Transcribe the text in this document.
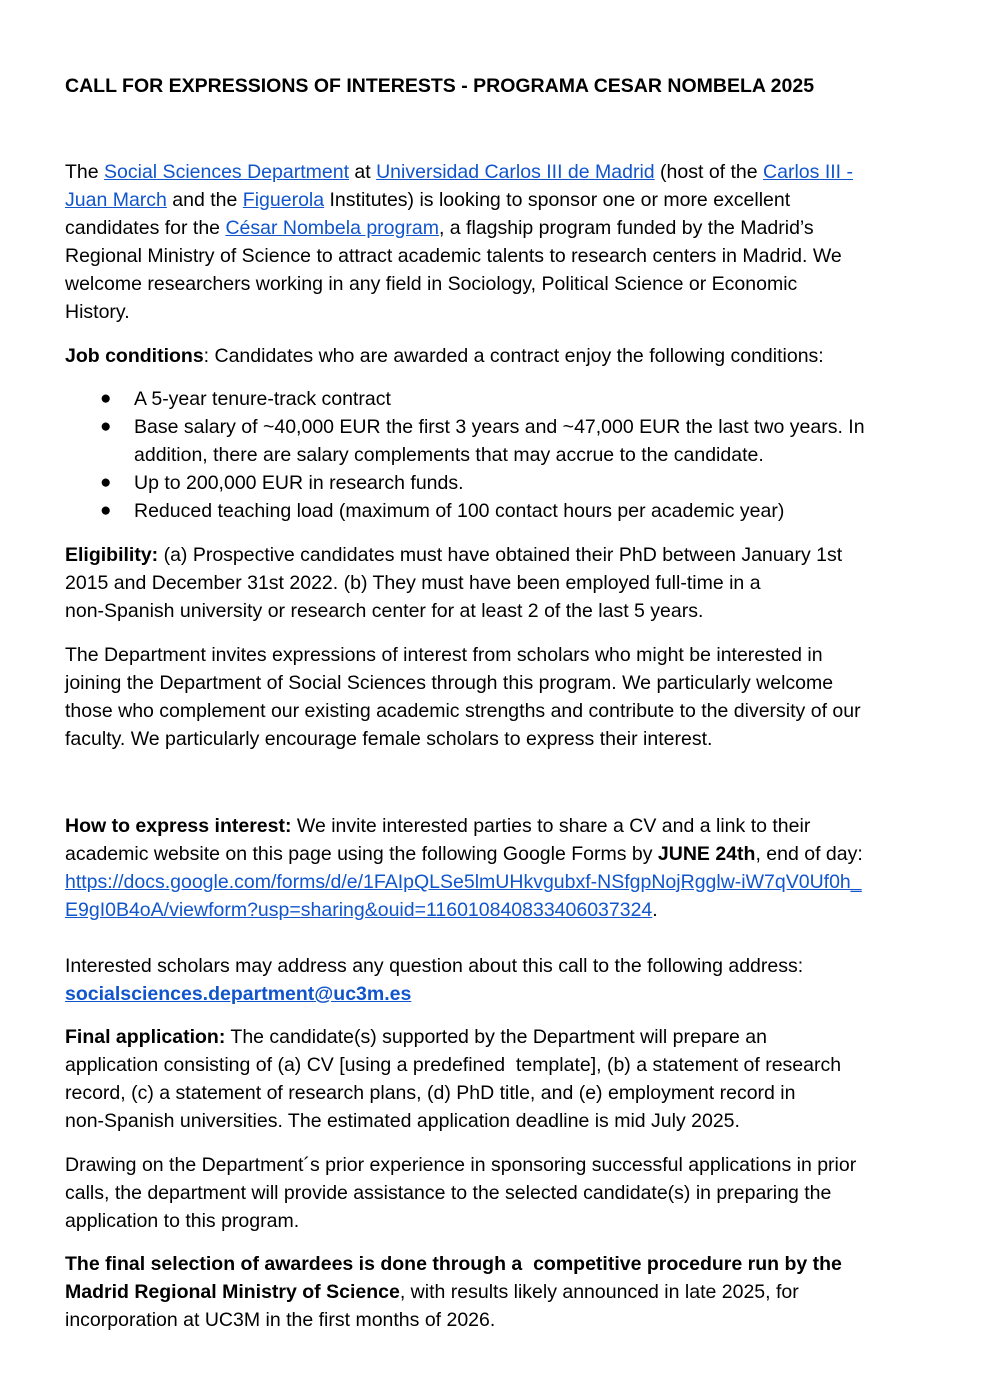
CALL FOR EXPRESSIONS OF INTERESTS - PROGRAMA CESAR NOMBELA 2025

The Social Sciences Department at Universidad Carlos III de Madrid (host of the Carlos III -

Juan March and the Figuerola Institutes) is looking to sponsor one or more excellent

candidates for the César Nombela program, a flagship program funded by the Madrid’s

Regional Ministry of Science to attract academic talents to research centers in Madrid. We

welcome researchers working in any field in Sociology, Political Science or Economic

History.

Job conditions: Candidates who are awarded a contract enjoy the following conditions:

● A 5-year tenure-track contract
● Base salary of ~40,000 EUR the first 3 years and ~47,000 EUR the last two years. In
addition, there are salary complements that may accrue to the candidate.
● Up to 200,000 EUR in research funds.
● Reduced teaching load (maximum of 100 contact hours per academic year)

Eligibility: (a) Prospective candidates must have obtained their PhD between January 1st

2015 and December 31st 2022. (b) They must have been employed full-time in a

non-Spanish university or research center for at least 2 of the last 5 years.

The Department invites expressions of interest from scholars who might be interested in

joining the Department of Social Sciences through this program. We particularly welcome

those who complement our existing academic strengths and contribute to the diversity of our

faculty. We particularly encourage female scholars to express their interest.

How to express interest: We invite interested parties to share a CV and a link to their

academic website on this page using the following Google Forms by JUNE 24th, end of day:

https://docs.google.com/forms/d/e/1FAIpQLSe5lmUHkvgubxf-NSfgpNojRgglw-iW7qV0Uf0h_

E9gI0B4oA/viewform?usp=sharing&ouid=116010840833406037324.

Interested scholars may address any question about this call to the following address:

socialsciences.department@uc3m.es

Final application: The candidate(s) supported by the Department will prepare an

application consisting of (a) CV [using a predefined  template], (b) a statement of research

record, (c) a statement of research plans, (d) PhD title, and (e) employment record in

non-Spanish universities. The estimated application deadline is mid July 2025.

Drawing on the Department´s prior experience in sponsoring successful applications in prior

calls, the department will provide assistance to the selected candidate(s) in preparing the

application to this program.

The final selection of awardees is done through a  competitive procedure run by the

Madrid Regional Ministry of Science, with results likely announced in late 2025, for

incorporation at UC3M in the first months of 2026.
